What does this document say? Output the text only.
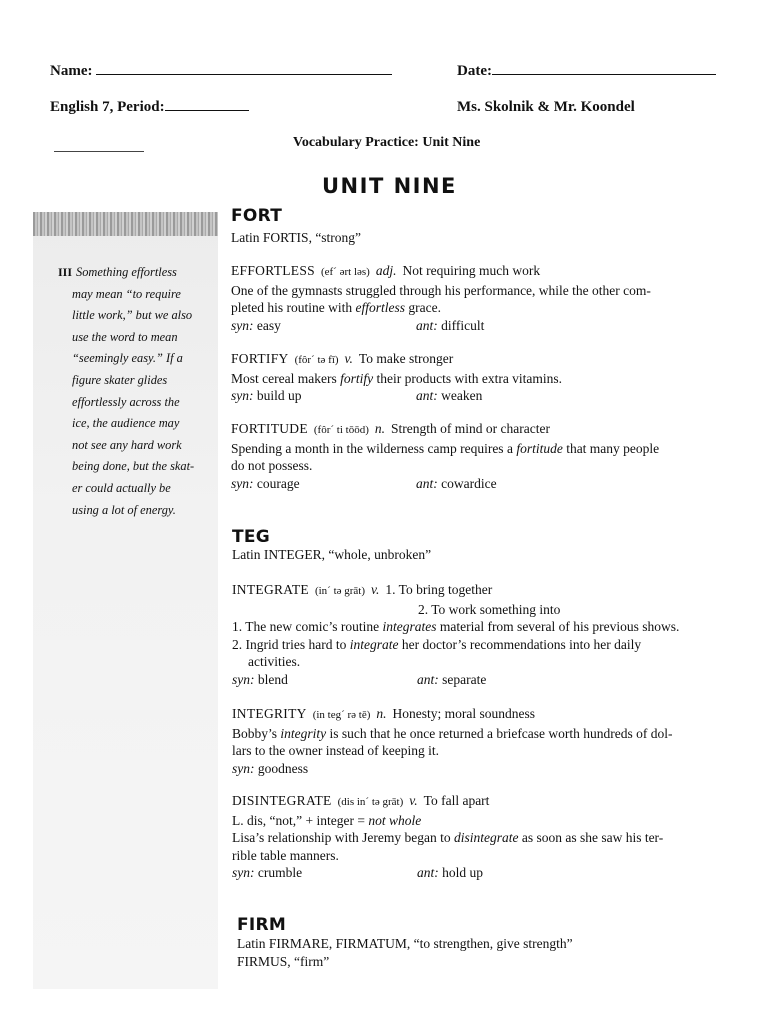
Name:	Date:
English 7, Period:	Ms. Skolnik & Mr. Koondel
Vocabulary Practice: Unit Nine
UNIT NINE
III Something effortless
may mean “to require
little work,” but we also
use the word to mean
“seemingly easy.” If a
figure skater glides
effortlessly across the
ice, the audience may
not see any hard work
being done, but the skat-
er could actually be
using a lot of energy.
FORT
Latin FORTIS, “strong”
EFFORTLESS (ef´ ərt ləs) adj. Not requiring much work
One of the gymnasts struggled through his performance, while the other com-
pleted his routine with effortless grace.
syn: easy	ant: difficult
FORTIFY (fôr´ tə fī) v. To make stronger
Most cereal makers fortify their products with extra vitamins.
syn: build up	ant: weaken
FORTITUDE (fôr´ ti tōōd) n. Strength of mind or character
Spending a month in the wilderness camp requires a fortitude that many people
do not possess.
syn: courage	ant: cowardice
TEG
Latin INTEGER, “whole, unbroken”
INTEGRATE (in´ tə grāt) v. 1. To bring together
2. To work something into
1. The new comic’s routine integrates material from several of his previous shows.
2. Ingrid tries hard to integrate her doctor’s recommendations into her daily
activities.
syn: blend	ant: separate
INTEGRITY (in teg´ rə tē) n. Honesty; moral soundness
Bobby’s integrity is such that he once returned a briefcase worth hundreds of dol-
lars to the owner instead of keeping it.
syn: goodness
DISINTEGRATE (dis in´ tə grāt) v. To fall apart
L. dis, “not,” + integer = not whole
Lisa’s relationship with Jeremy began to disintegrate as soon as she saw his ter-
rible table manners.
syn: crumble	ant: hold up
FIRM
Latin FIRMARE, FIRMATUM, “to strengthen, give strength”
FIRMUS, “firm”
